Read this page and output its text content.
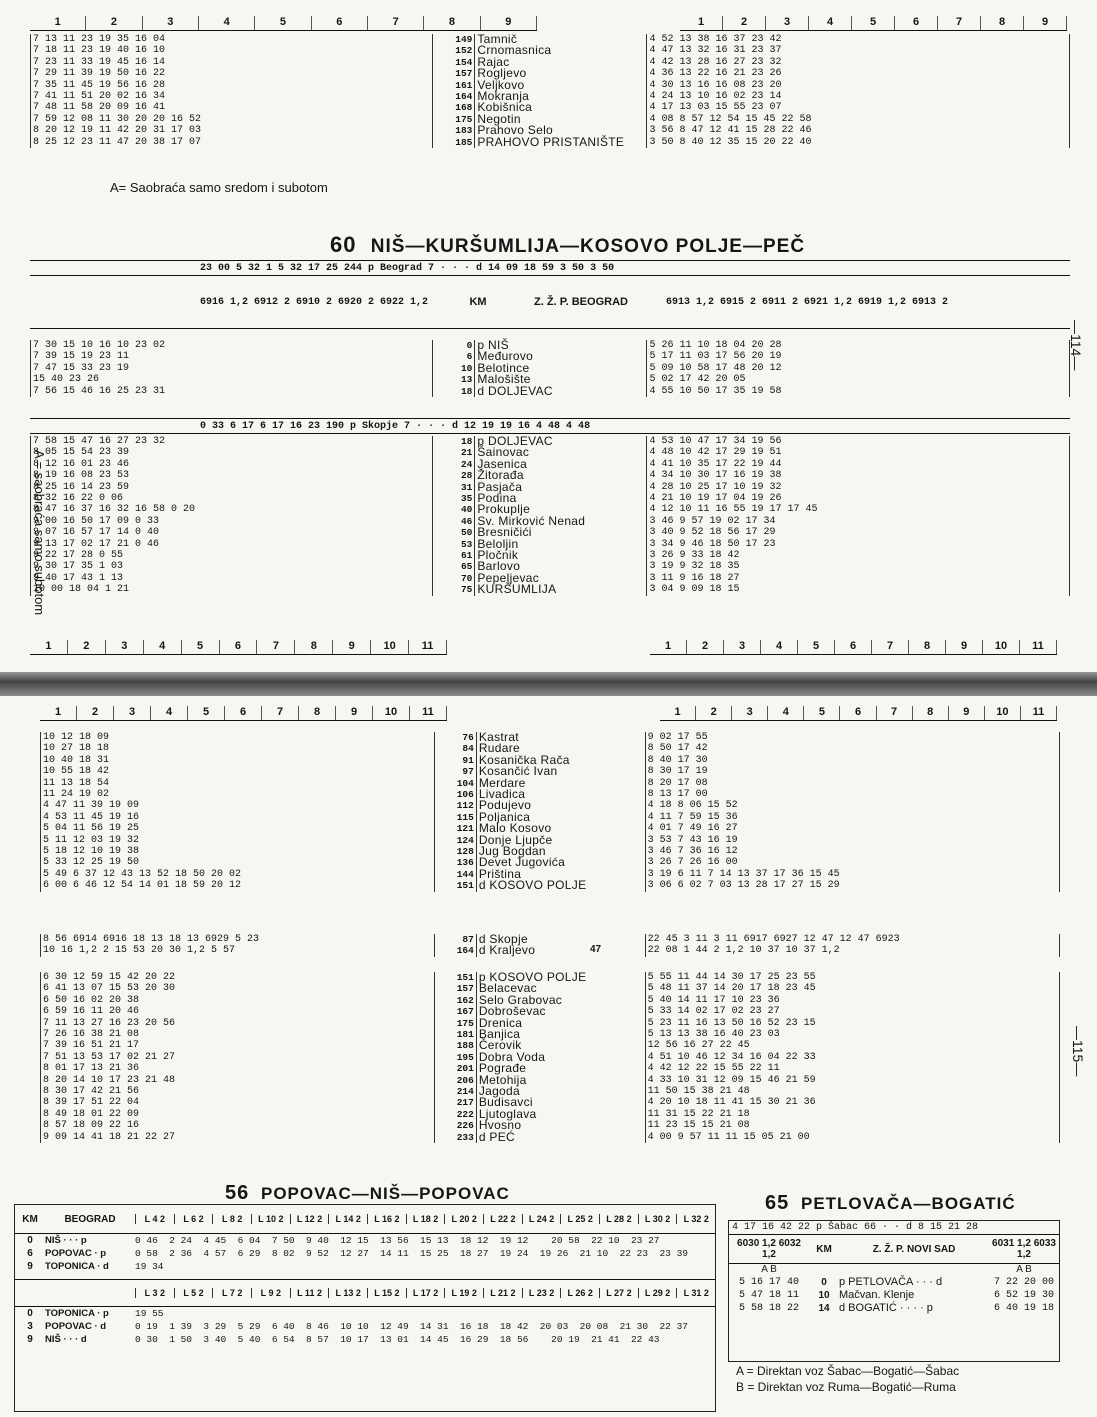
1	2	3	4	5	6	7	8	9	1	2	3	4	5	6	7	8	9
7 13 11 23 19 35 16 04	149	Tamnič	4 52 13 38 16 37 23 42
7 18 11 23 19 40 16 10	152	Crnomasnica	4 47 13 32 16 31 23 37
7 23 11 33 19 45 16 14	154	Rajac	4 42 13 28 16 27 23 32
7 29 11 39 19 50 16 22	157	Rogljevo	4 36 13 22 16 21 23 26
7 35 11 45 19 56 16 28	161	Veljkovo	4 30 13 16 16 08 23 20
7 41 11 51 20 02 16 34	164	Mokranja	4 24 13 10 16 02 23 14
7 48 11 58 20 09 16 41	168	Kobišnica	4 17 13 03 15 55 23 07
7 59 12 08 11 30 20 20 16 52	175	Negotin	4 08 8 57 12 54 15 45 22 58
8 20 12 19 11 42 20 31 17 03	183	Prahovo Selo	3 56 8 47 12 41 15 28 22 46
8 25 12 23 11 47 20 38 17 07	185	PRAHOVO PRISTANIŠTE	3 50 8 40 12 35 15 20 22 40
A= Saobraća samo sredom i subotom
60 NIŠ—KURŠUMLIJA—KOSOVO POLJE—PEČ
23 00 5 32 1 5 32 17 25 244 p Beograd 7 · · · d 14 09 18 59 3 50 3 50
6916 1,2 6912 2 6910 2 6920 2 6922 1,2	KM	Z. Ž. P. BEOGRAD	6913 1,2 6915 2 6911 2 6921 1,2 6919 1,2 6913 2
7 30 15 10 16 10 23 02	0	p NIŠ	5 26 11 10 18 04 20 28
7 39 15 19 23 11	6	Međurovo	5 17 11 03 17 56 20 19
7 47 15 33 23 19	10	Belotince	5 09 10 58 17 48 20 12
15 40 23 26	13	Malošište	5 02 17 42 20 05
7 56 15 46 16 25 23 31	18	d DOLJEVAC	4 55 10 50 17 35 19 58
0 33 6 17 6 17 16 23 190 p Skopje 7 · · · d 12 19 19 16 4 48 4 48
7 58 15 47 16 27 23 32	18	p DOLJEVAC	4 53 10 47 17 34 19 56
8 05 15 54 23 39	21	Šainovac	4 48 10 42 17 29 19 51
8 12 16 01 23 46	24	Jasenica	4 41 10 35 17 22 19 44
8 19 16 08 23 53	28	Žitorađa	4 34 10 30 17 16 19 38
8 25 16 14 23 59	31	Pasjača	4 28 10 25 17 10 19 32
8 32 16 22 0 06	35	Podina	4 21 10 19 17 04 19 26
8 47 16 37 16 32 16 58 0 20	40	Prokuplje	4 12 10 11 16 55 19 17 17 45
9 00 16 50 17 09 0 33	46	Sv. Mirković Nenad	3 46 9 57 19 02 17 34
9 07 16 57 17 14 0 40	50	Bresničići	3 40 9 52 18 56 17 29
9 13 17 02 17 21 0 46	53	Beloljin	3 34 9 46 18 50 17 23
9 22 17 28 0 55	61	Pločnik	3 26 9 33 18 42
9 30 17 35 1 03	65	Barlovo	3 19 9 32 18 35
9 40 17 43 1 13	70	Pepeljevac	3 11 9 16 18 27
10 00 18 04 1 21	75	KURŠUMLIJA	3 04 9 09 18 15
A = saobraća samo subotom
—114—
1	2	3	4	5	6	7	8	9	10	11	1	2	3	4	5	6	7	8	9	10	11
1	2	3	4	5	6	7	8	9	10	11	1	2	3	4	5	6	7	8	9	10	11
10 12 18 09	76	Kastrat	9 02 17 55
10 27 18 18	84	Rudare	8 50 17 42
10 40 18 31	91	Kosanička Rača	8 40 17 30
10 55 18 42	97	Kosančić Ivan	8 30 17 19
11 13 18 54	104	Merdare	8 20 17 08
11 24 19 02	106	Livadica	8 13 17 00
4 47 11 39 19 09	112	Podujevo	4 18 8 06 15 52
4 53 11 45 19 16	115	Poljanica	4 11 7 59 15 36
5 04 11 56 19 25	121	Malo Kosovo	4 01 7 49 16 27
5 11 12 03 19 32	124	Donje Ljupče	3 53 7 43 16 19
5 18 12 10 19 38	128	Jug Bogdan	3 46 7 36 16 12
5 33 12 25 19 50	136	Devet Jugovića	3 26 7 26 16 00
5 49 6 37 12 43 13 52 18 50 20 02	144	Priština	3 19 6 11 7 14 13 37 17 36 15 45
6 00 6 46 12 54 14 01 18 59 20 12	151	d KOSOVO POLJE	3 06 6 02 7 03 13 28 17 27 15 29
8 56 6914 6916 18 13 18 13 6929 5 23	87	d Skopje	22 45 3 11 3 11 6917 6927 12 47 12 47 6923
10 16 1,2 2 15 53 20 30 1,2 5 57	164	d Kraljevo	22 08 1 44 2 1,2 10 37 10 37 1,2
47
6 30 12 59 15 42 20 22	151	p KOSOVO POLJE	5 55 11 44 14 30 17 25 23 55
6 41 13 07 15 53 20 30	157	Belacevac	5 48 11 37 14 20 17 18 23 45
6 50 16 02 20 38	162	Selo Grabovac	5 40 14 11 17 10 23 36
6 59 16 11 20 46	167	Dobroševac	5 33 14 02 17 02 23 27
7 11 13 27 16 23 20 56	175	Drenica	5 23 11 16 13 50 16 52 23 15
7 26 16 38 21 08	181	Banjica	5 13 13 38 16 40 23 03
7 39 16 51 21 17	188	Čerovik	12 56 16 27 22 45
7 51 13 53 17 02 21 27	195	Dobra Voda	4 51 10 46 12 34 16 04 22 33
8 01 17 13 21 36	201	Pograđe	4 42 12 22 15 55 22 11
8 20 14 10 17 23 21 48	206	Metohija	4 33 10 31 12 09 15 46 21 59
8 30 17 42 21 56	214	Jagoda	11 50 15 38 21 48
8 39 17 51 22 04	217	Budisavci	4 20 10 18 11 41 15 30 21 36
8 49 18 01 22 09	222	Ljutoglava	11 31 15 22 21 18
8 57 18 09 22 16	226	Hvosno	11 23 15 15 21 08
9 09 14 41 18 21 22 27	233	d PEĆ	4 00 9 57 11 11 15 05 21 00
—115—
56 POPOVAC—NIŠ—POPOVAC
KM	BEOGRAD	L 4 2	L 6 2	L 8 2	L 10 2	L 12 2	L 14 2	L 16 2	L 18 2	L 20 2	L 22 2	L 24 2	L 25 2	L 28 2	L 30 2	L 32 2
0	NIŠ · · · p	0 46  2 24  4 45  6 04  7 50  9 40  12 15  13 56  15 13  18 12  19 12    20 58  22 10  23 27
6	POPOVAC · p	0 58  2 36  4 57  6 29  8 02  9 52  12 27  14 11  15 25  18 27  19 24  19 26  21 10  22 23  23 39
9	TOPONICA · d	19 34
L 3 2	L 5 2	L 7 2	L 9 2	L 11 2	L 13 2	L 15 2	L 17 2	L 19 2	L 21 2	L 23 2	L 26 2	L 27 2	L 29 2	L 31 2
0	TOPONICA · p	19 55
3	POPOVAC · d	0 19  1 39  3 29  5 29  6 40  8 46  10 10  12 49  14 31  16 18  18 42  20 03  20 08  21 30  22 37
9	NIŠ · · · d	0 30  1 50  3 40  5 40  6 54  8 57  10 17  13 01  14 45  16 29  18 56    20 19  21 41  22 43
65 PETLOVAČA—BOGATIĆ
4 17 16 42 22 p Šabac 66 · · d 8 15 21 28
6030 1,2 6032 1,2	KM	Z. Ž. P. NOVI SAD	6031 1,2 6033 1,2
A B	A B
5 16 17 40	0	p PETLOVAČA · · · d	7 22 20 00
5 47 18 11	10 Mačvan. Klenje	6 52 19 30
5 58 18 22	14 d BOGATIĆ · · · · p	6 40 19 18
A = Direktan voz Šabac—Bogatić—Šabac
B = Direktan voz Ruma—Bogatić—Ruma
